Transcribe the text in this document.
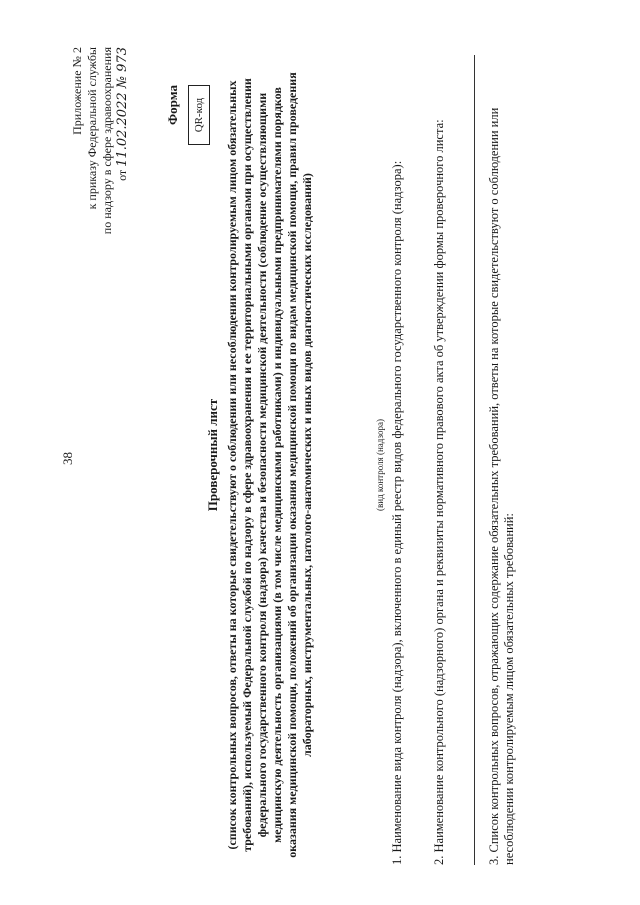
38
Приложение № 2 к приказу Федеральной службы по надзору в сфере здравоохранения от 11.02.2022 № 973	Форма	QR-код
Проверочный лист (список контрольных вопросов, ответы на которые свидетельствуют о соблюдении или несоблюдении контролируемым лицом обязательных требований), используемый Федеральной службой по надзору в сфере здравоохранения и ее территориальными органами при осуществлении федерального государственного контроля (надзора) качества и безопасности медицинской деятельности (соблюдение осуществляющими медицинскую деятельность организациями (в том числе медицинскими работниками) и индивидуальными предпринимателями порядков оказания медицинской помощи, положений об организации оказания медицинской помощи по видам медицинской помощи, правил проведения лабораторных, инструментальных, патолого-анатомических и иных видов диагностических исследований)	(вид контроля (надзора) 1. Наименование вида контроля (надзора), включенного в единый реестр видов федерального государственного контроля (надзора): 2. Наименование контрольного (надзорного) органа и реквизиты нормативного правового акта об утверждении формы проверочного листа:	3. Список контрольных вопросов, отражающих содержание обязательных требований, ответы на которые свидетельствуют о соблюдении или несоблюдении контролируемым лицом обязательных требований:
